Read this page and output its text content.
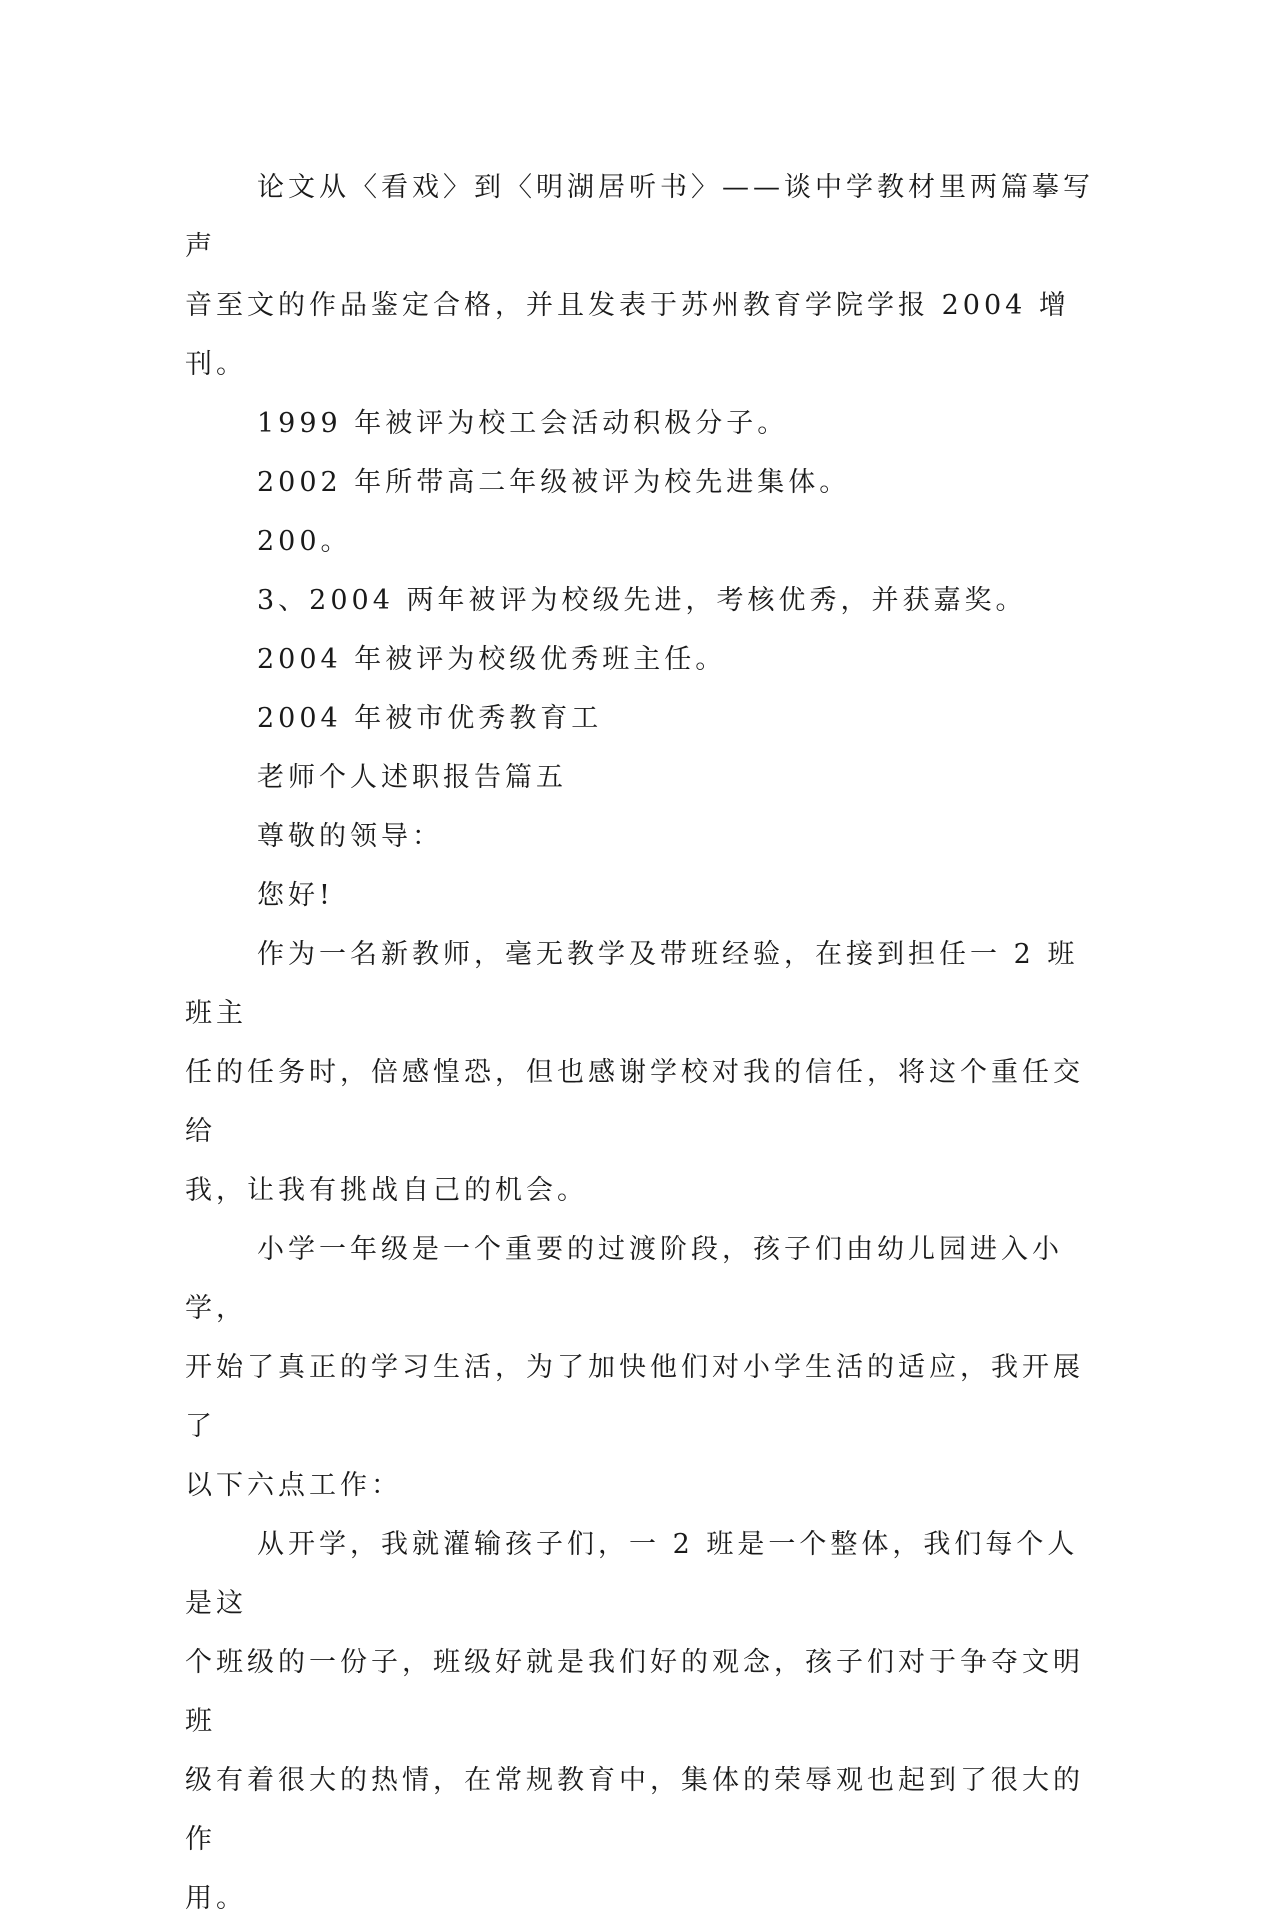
论文从〈看戏〉到〈明湖居听书〉——谈中学教材里两篇摹写声

音至文的作品鉴定合格，并且发表于苏州教育学院学报 2004 增刊。

1999 年被评为校工会活动积极分子。

2002 年所带高二年级被评为校先进集体。

200。

3、2004 两年被评为校级先进，考核优秀，并获嘉奖。

2004 年被评为校级优秀班主任。

2004 年被市优秀教育工

老师个人述职报告篇五

尊敬的领导：

您好!

作为一名新教师，毫无教学及带班经验，在接到担任一 2 班班主

任的任务时，倍感惶恐，但也感谢学校对我的信任，将这个重任交给

我，让我有挑战自己的机会。

小学一年级是一个重要的过渡阶段，孩子们由幼儿园进入小学，

开始了真正的学习生活，为了加快他们对小学生活的适应，我开展了

以下六点工作：

从开学，我就灌输孩子们，一 2 班是一个整体，我们每个人是这

个班级的一份子，班级好就是我们好的观念，孩子们对于争夺文明班

级有着很大的热情，在常规教育中，集体的荣辱观也起到了很大的作

用。
